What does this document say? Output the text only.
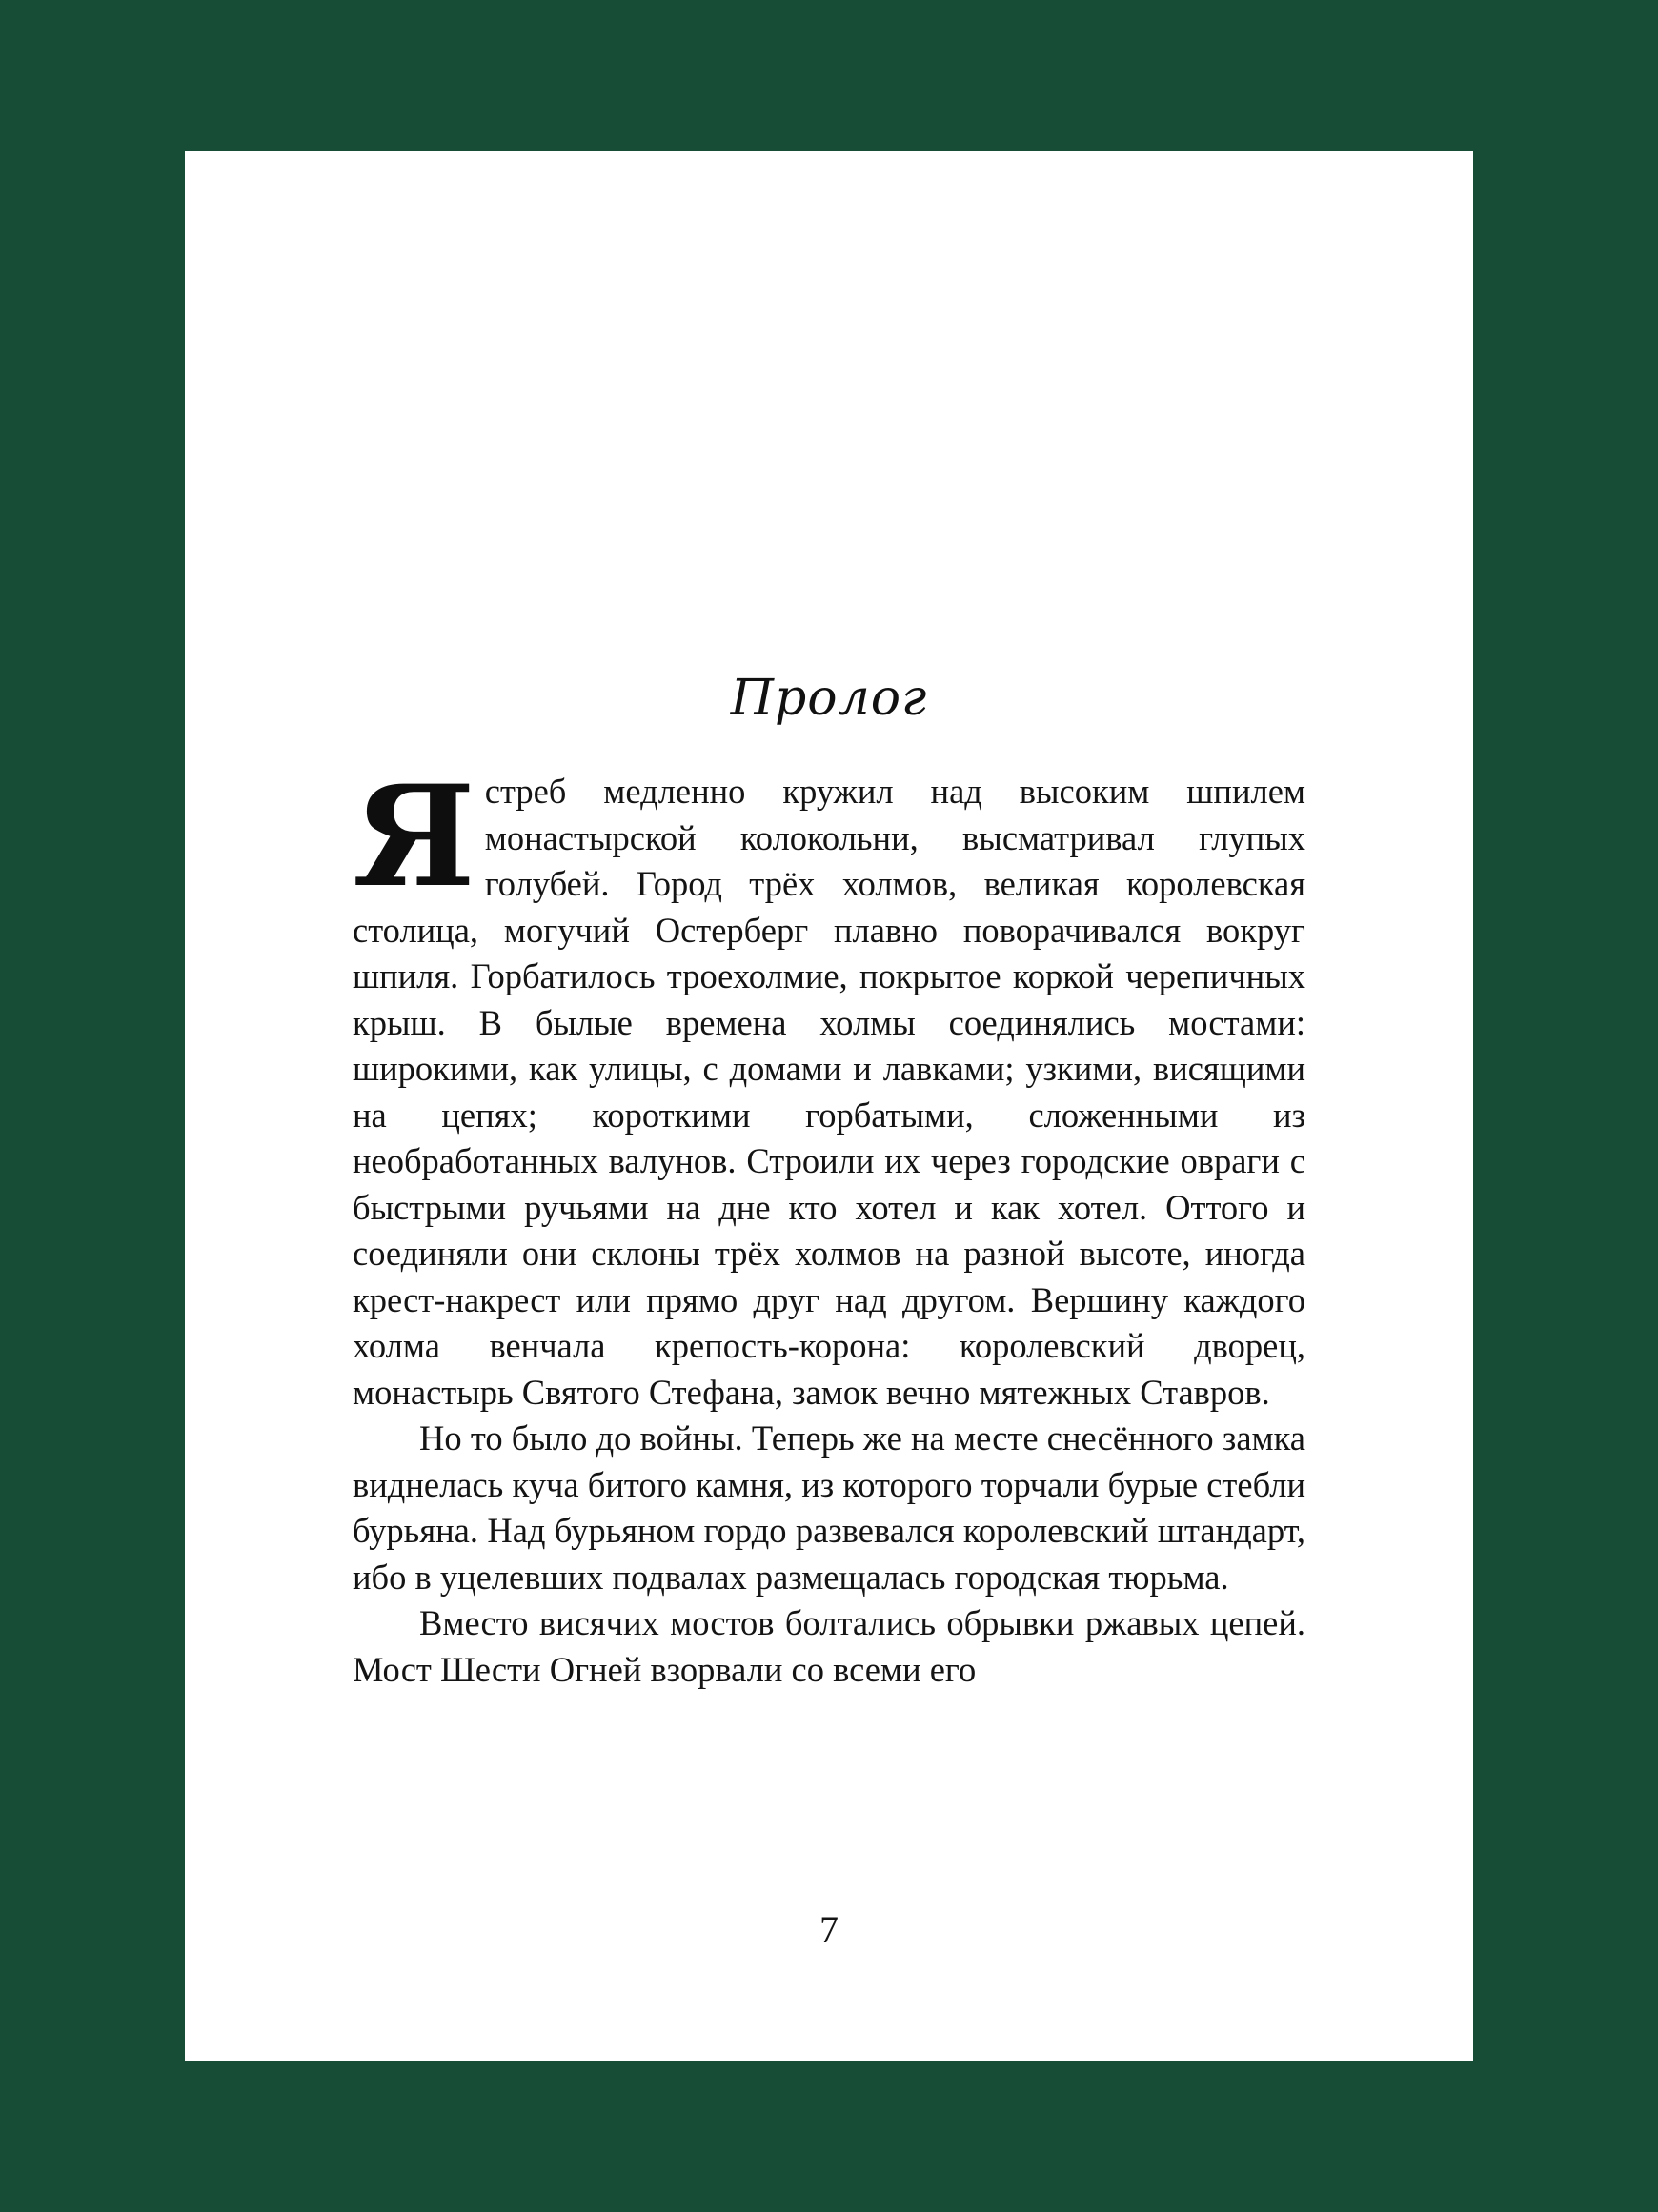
Пролог

Ястреб медленно кружил над высоким шпилем монастырской колокольни, высматривал глупых голубей. Город трёх холмов, великая королевская столица, могучий Остерберг плавно поворачивался вокруг шпиля. Горбатилось троехолмие, покрытое коркой черепичных крыш. В былые времена холмы соединялись мостами: широкими, как улицы, с домами и лавками; узкими, висящими на цепях; короткими горбатыми, сложенными из необработанных валунов. Строили их через городские овраги с быстрыми ручьями на дне кто хотел и как хотел. Оттого и соединяли они склоны трёх холмов на разной высоте, иногда крест-накрест или прямо друг над другом. Вершину каждого холма венчала крепость-корона: королевский дворец, монастырь Святого Стефана, замок вечно мятежных Ставров.

Но то было до войны. Теперь же на месте снесённого замка виднелась куча битого камня, из которого торчали бурые стебли бурьяна. Над бурьяном гордо развевался королевский штандарт, ибо в уцелевших подвалах размещалась городская тюрьма.

Вместо висячих мостов болтались обрывки ржавых цепей. Мост Шести Огней взорвали со всеми его

7
